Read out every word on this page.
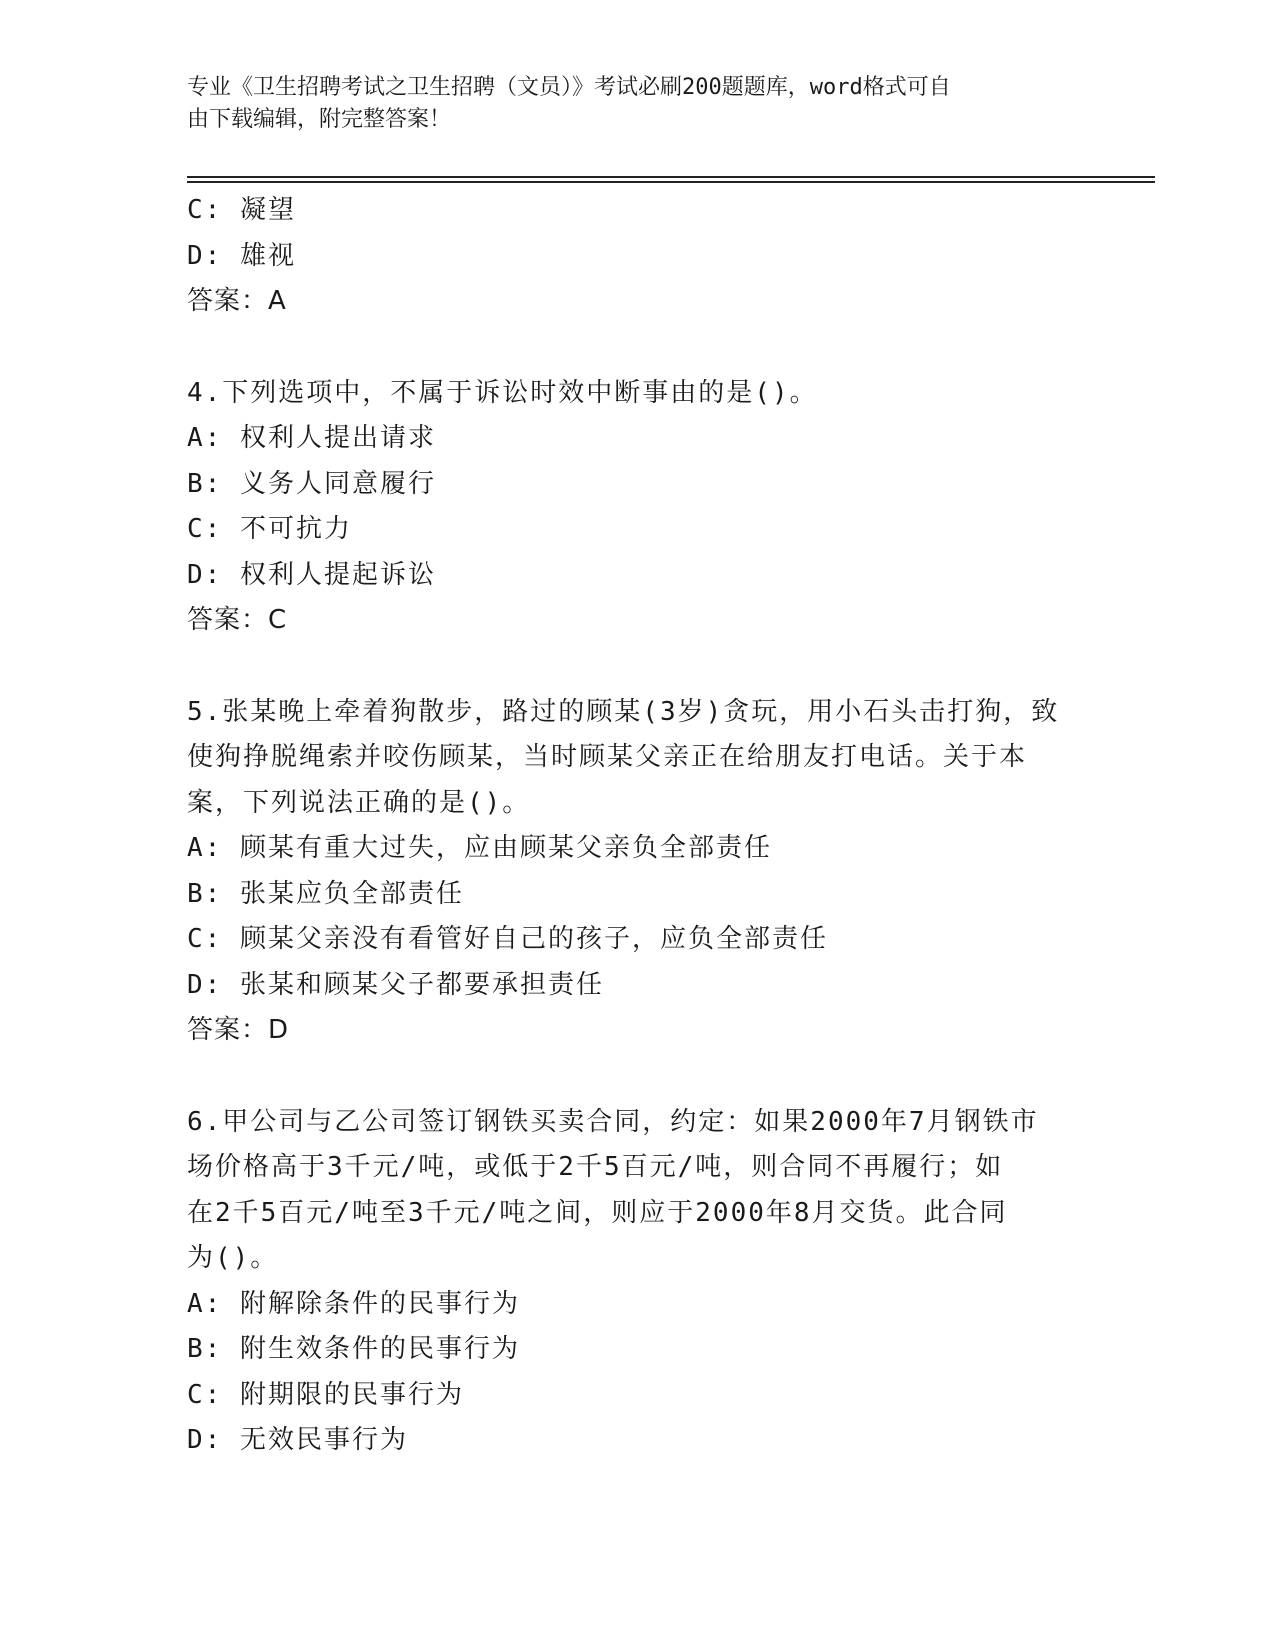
专业《卫生招聘考试之卫生招聘（文员）》考试必刷200题题库，word格式可自
由下载编辑，附完整答案！
C: 凝望
D: 雄视
答案：A
4.下列选项中，不属于诉讼时效中断事由的是()。
A: 权利人提出请求
B: 义务人同意履行
C: 不可抗力
D: 权利人提起诉讼
答案：C
5.张某晚上牵着狗散步，路过的顾某(3岁)贪玩，用小石头击打狗，致
使狗挣脱绳索并咬伤顾某，当时顾某父亲正在给朋友打电话。关于本
案，下列说法正确的是()。
A: 顾某有重大过失，应由顾某父亲负全部责任
B: 张某应负全部责任
C: 顾某父亲没有看管好自己的孩子，应负全部责任
D: 张某和顾某父子都要承担责任
答案：D
6.甲公司与乙公司签订钢铁买卖合同，约定：如果2000年7月钢铁市
场价格高于3千元/吨，或低于2千5百元/吨，则合同不再履行；如
在2千5百元/吨至3千元/吨之间，则应于2000年8月交货。此合同
为()。
A: 附解除条件的民事行为
B: 附生效条件的民事行为
C: 附期限的民事行为
D: 无效民事行为
